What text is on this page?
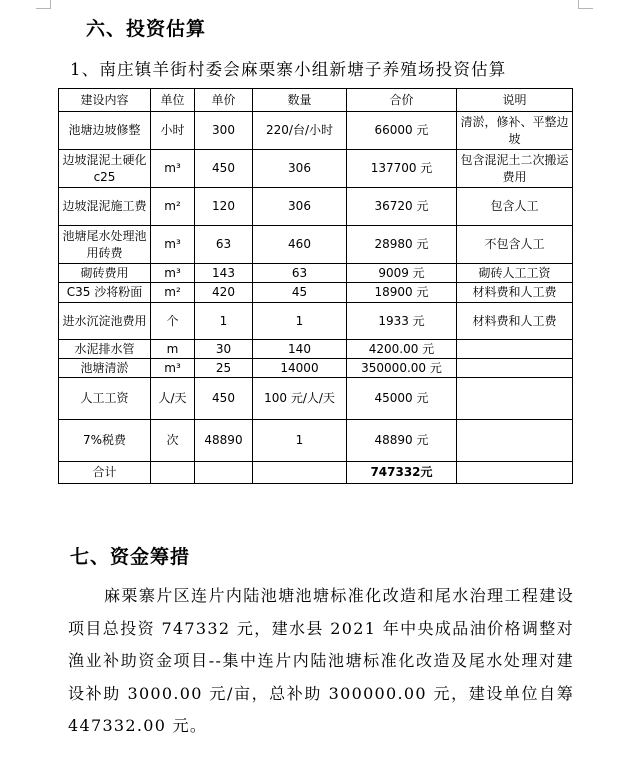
六、投资估算
1、南庄镇羊街村委会麻栗寨小组新塘子养殖场投资估算
建设内容	单位	单价	数量	合价	说明
池塘边坡修整	小时	300	220/台/小时	66000 元	清淤，修补、平整边坡
边坡混泥土硬化 c25	m³	450	306	137700 元	包含混泥土二次搬运费用
边坡混泥施工费	m²	120	306	36720 元	包含人工
池塘尾水处理池用砖费	m³	63	460	28980 元	不包含人工
砌砖费用	m³	143	63	9009 元	砌砖人工工资
C35 沙将粉面	m²	420	45	18900 元	材料费和人工费
进水沉淀池费用	个	1	1	1933 元	材料费和人工费
水泥排水管	m	30	140	4200.00 元	
池塘清淤	m³	25	14000	350000.00 元	
人工工资	人/天	450	100 元/人/天	45000 元	
7%税费	次	48890	1	48890 元	
合计				747332元	
七、资金筹措
麻栗寨片区连片内陆池塘池塘标准化改造和尾水治理工程建设项目总投资 747332 元，建水县 2021 年中央成品油价格调整对渔业补助资金项目--集中连片内陆池塘标准化改造及尾水处理对建设补助 3000.00 元/亩，总补助 300000.00 元，建设单位自筹 447332.00 元。
